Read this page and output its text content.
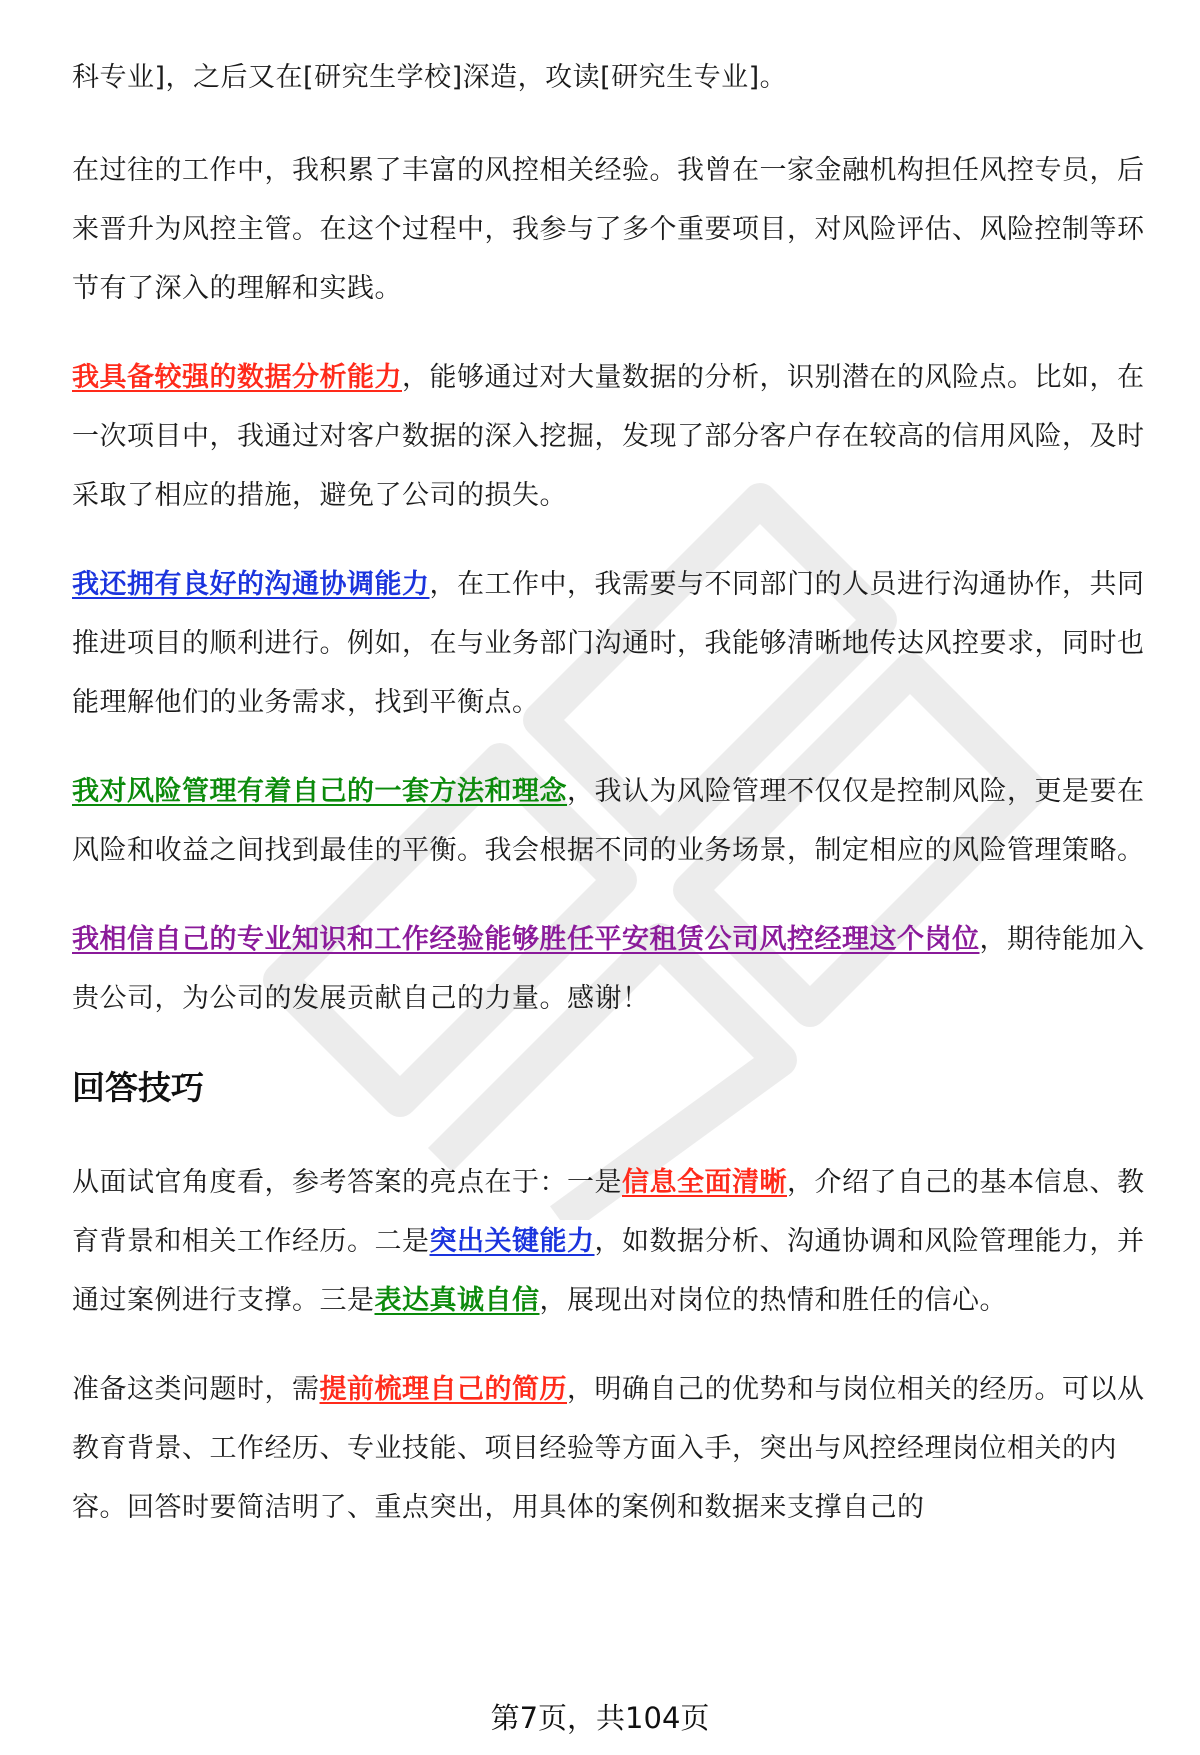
科专业]，之后又在[研究生学校]深造，攻读[研究生专业]。

在过往的工作中，我积累了丰富的风控相关经验。我曾在一家金融机构担任风控专员，后来晋升为风控主管。在这个过程中，我参与了多个重要项目，对风险评估、风险控制等环节有了深入的理解和实践。

我具备较强的数据分析能力，能够通过对大量数据的分析，识别潜在的风险点。比如，在一次项目中，我通过对客户数据的深入挖掘，发现了部分客户存在较高的信用风险，及时采取了相应的措施，避免了公司的损失。

我还拥有良好的沟通协调能力，在工作中，我需要与不同部门的人员进行沟通协作，共同推进项目的顺利进行。例如，在与业务部门沟通时，我能够清晰地传达风控要求，同时也能理解他们的业务需求，找到平衡点。

我对风险管理有着自己的一套方法和理念，我认为风险管理不仅仅是控制风险，更是要在风险和收益之间找到最佳的平衡。我会根据不同的业务场景，制定相应的风险管理策略。

我相信自己的专业知识和工作经验能够胜任平安租赁公司风控经理这个岗位，期待能加入贵公司，为公司的发展贡献自己的力量。感谢！

回答技巧

从面试官角度看，参考答案的亮点在于：一是信息全面清晰，介绍了自己的基本信息、教育背景和相关工作经历。二是突出关键能力，如数据分析、沟通协调和风险管理能力，并通过案例进行支撑。三是表达真诚自信，展现出对岗位的热情和胜任的信心。

准备这类问题时，需提前梳理自己的简历，明确自己的优势和与岗位相关的经历。可以从教育背景、工作经历、专业技能、项目经验等方面入手，突出与风控经理岗位相关的内容。回答时要简洁明了、重点突出，用具体的案例和数据来支撑自己的

第7页，共104页
